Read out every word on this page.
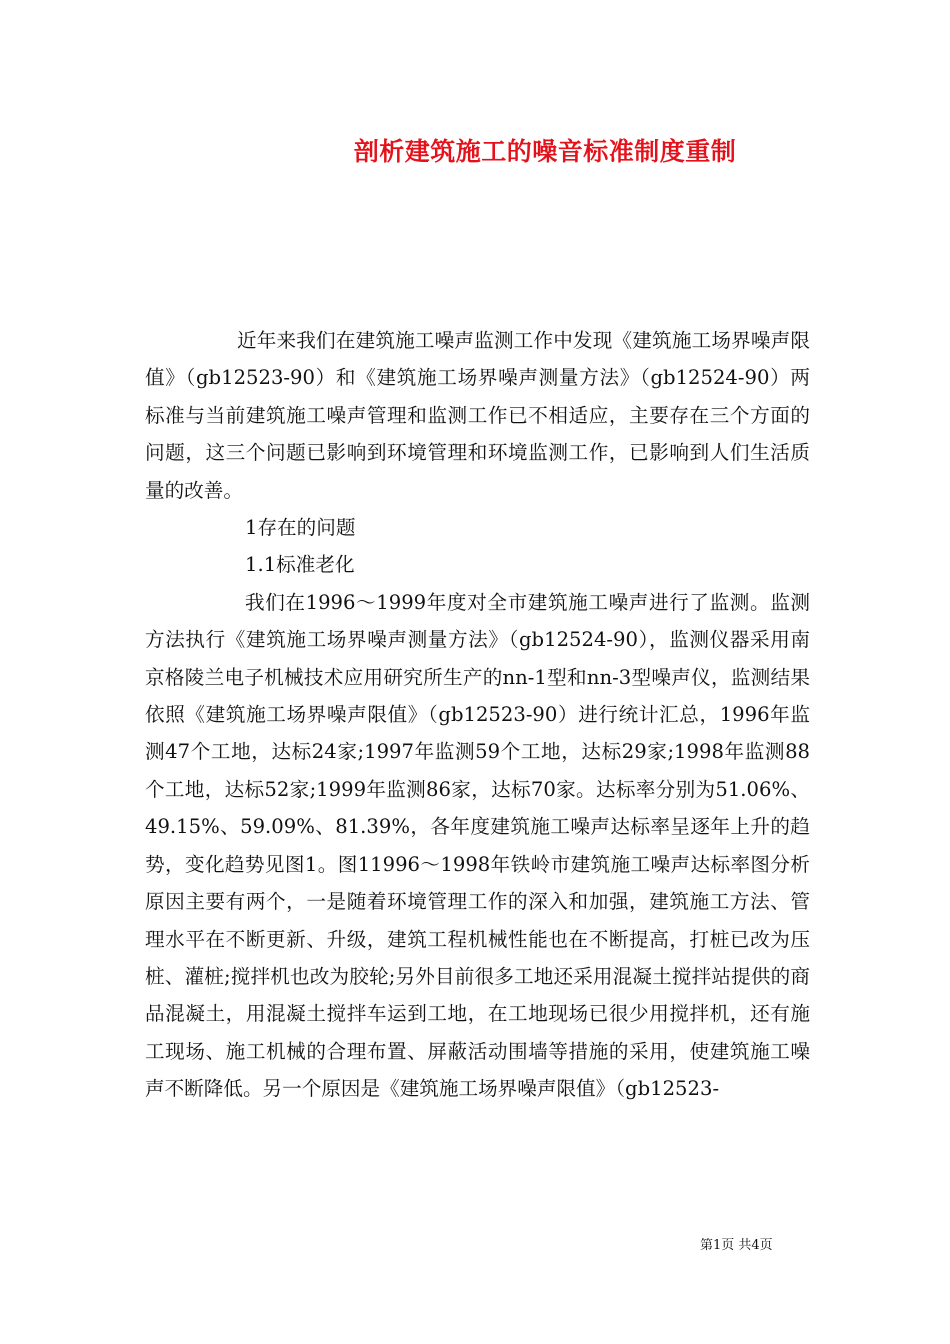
剖析建筑施工的噪音标准制度重制

近年来我们在建筑施工噪声监测工作中发现《建筑施工场界噪声限值》（gb12523-90）和《建筑施工场界噪声测量方法》（gb12524-90）两标准与当前建筑施工噪声管理和监测工作已不相适应，主要存在三个方面的问题，这三个问题已影响到环境管理和环境监测工作，已影响到人们生活质量的改善。

1存在的问题

1.1标准老化

我们在1996～1999年度对全市建筑施工噪声进行了监测。监测方法执行《建筑施工场界噪声测量方法》（gb12524-90），监测仪器采用南京格陵兰电子机械技术应用研究所生产的nn-1型和nn-3型噪声仪，监测结果依照《建筑施工场界噪声限值》（gb12523-90）进行统计汇总，1996年监测47个工地，达标24家;1997年监测59个工地，达标29家;1998年监测88个工地，达标52家;1999年监测86家，达标70家。达标率分别为51.06%、49.15%、59.09%、81.39%，各年度建筑施工噪声达标率呈逐年上升的趋势，变化趋势见图1。图11996～1998年铁岭市建筑施工噪声达标率图分析原因主要有两个，一是随着环境管理工作的深入和加强，建筑施工方法、管理水平在不断更新、升级，建筑工程机械性能也在不断提高，打桩已改为压桩、灌桩;搅拌机也改为胶轮;另外目前很多工地还采用混凝土搅拌站提供的商品混凝土，用混凝土搅拌车运到工地，在工地现场已很少用搅拌机，还有施工现场、施工机械的合理布置、屏蔽活动围墙等措施的采用，使建筑施工噪声不断降低。另一个原因是《建筑施工场界噪声限值》（gb12523-

第1页 共4页
